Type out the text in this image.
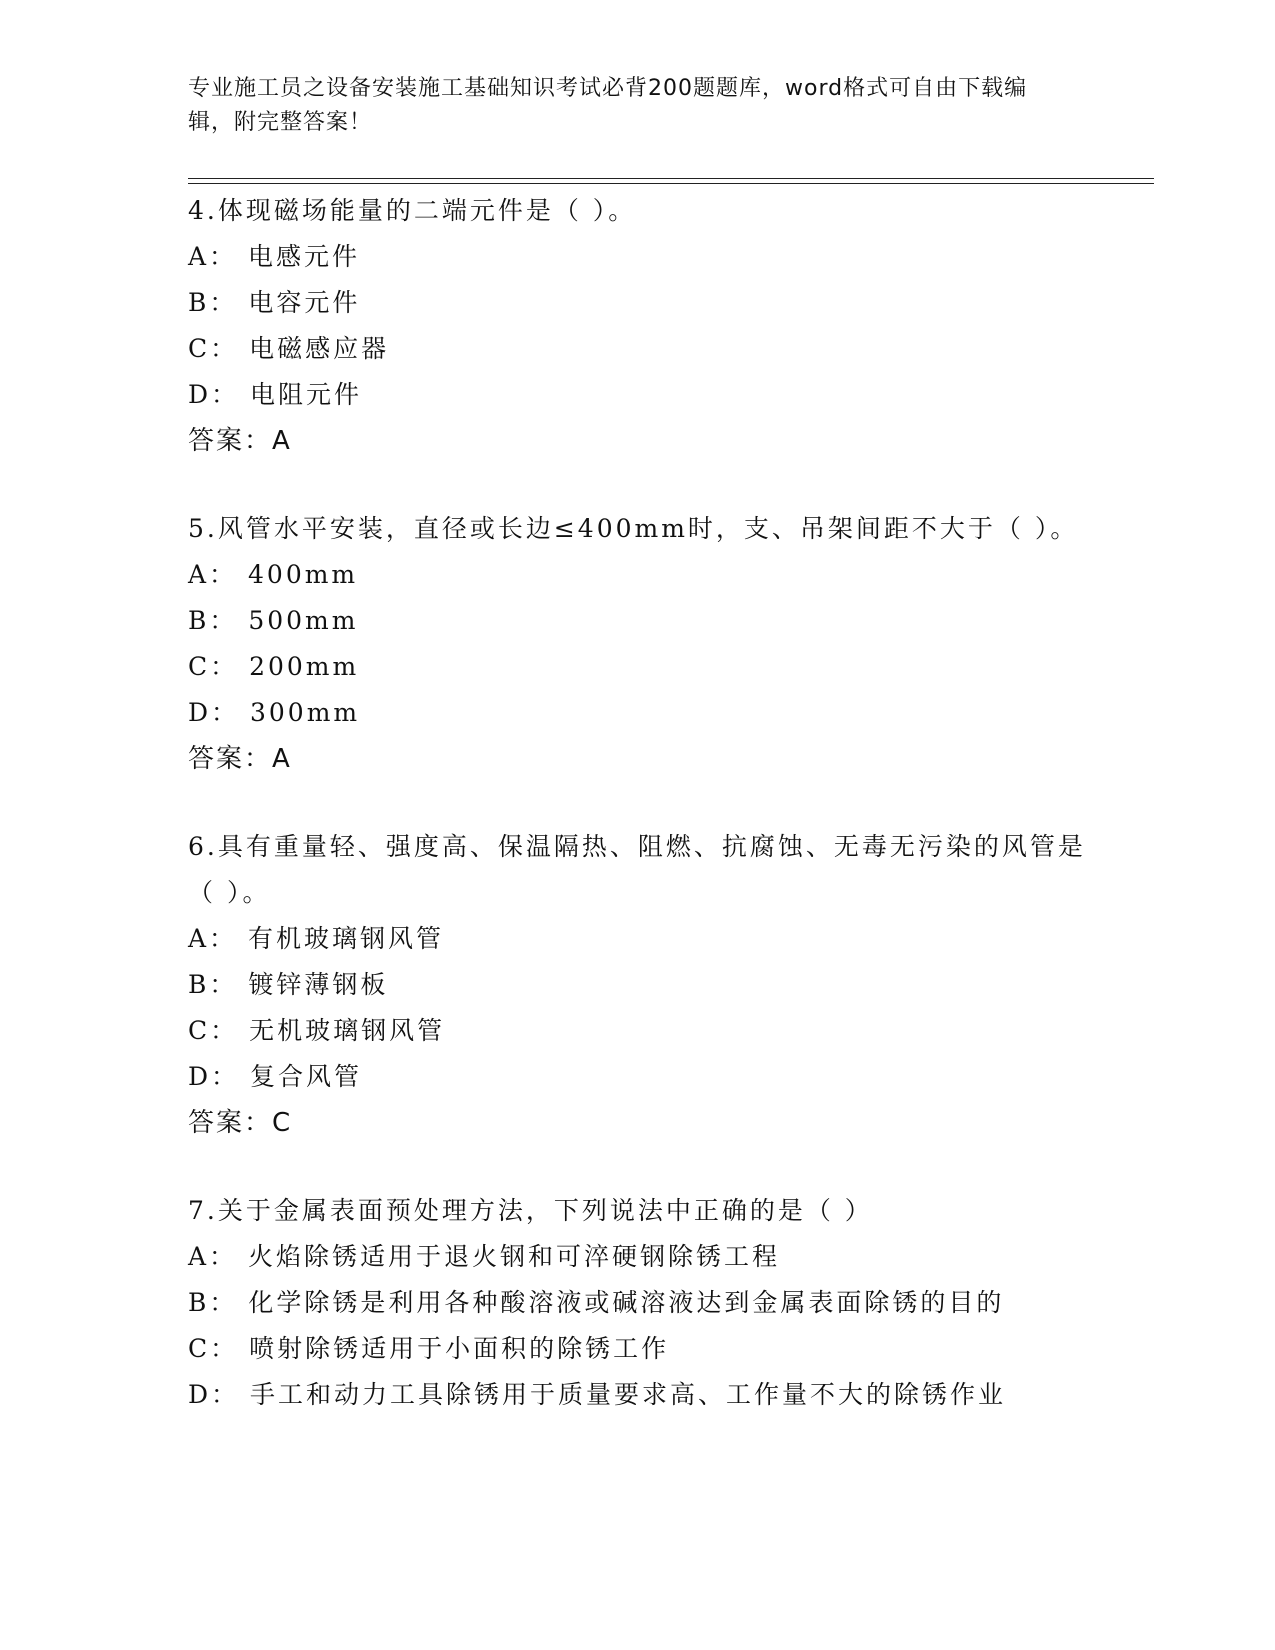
专业施工员之设备安装施工基础知识考试必背200题题库，word格式可自由下载编辑，附完整答案！
4.体现磁场能量的二端元件是（ ）。
A： 电感元件
B： 电容元件
C： 电磁感应器
D： 电阻元件
答案：A
5.风管水平安装，直径或长边≤400mm时，支、吊架间距不大于（ ）。
A： 400mm
B： 500mm
C： 200mm
D： 300mm
答案：A
6.具有重量轻、强度高、保温隔热、阻燃、抗腐蚀、无毒无污染的风管是（ ）。
A： 有机玻璃钢风管
B： 镀锌薄钢板
C： 无机玻璃钢风管
D： 复合风管
答案：C
7.关于金属表面预处理方法，下列说法中正确的是（ ）
A： 火焰除锈适用于退火钢和可淬硬钢除锈工程
B： 化学除锈是利用各种酸溶液或碱溶液达到金属表面除锈的目的
C： 喷射除锈适用于小面积的除锈工作
D： 手工和动力工具除锈用于质量要求高、工作量不大的除锈作业
